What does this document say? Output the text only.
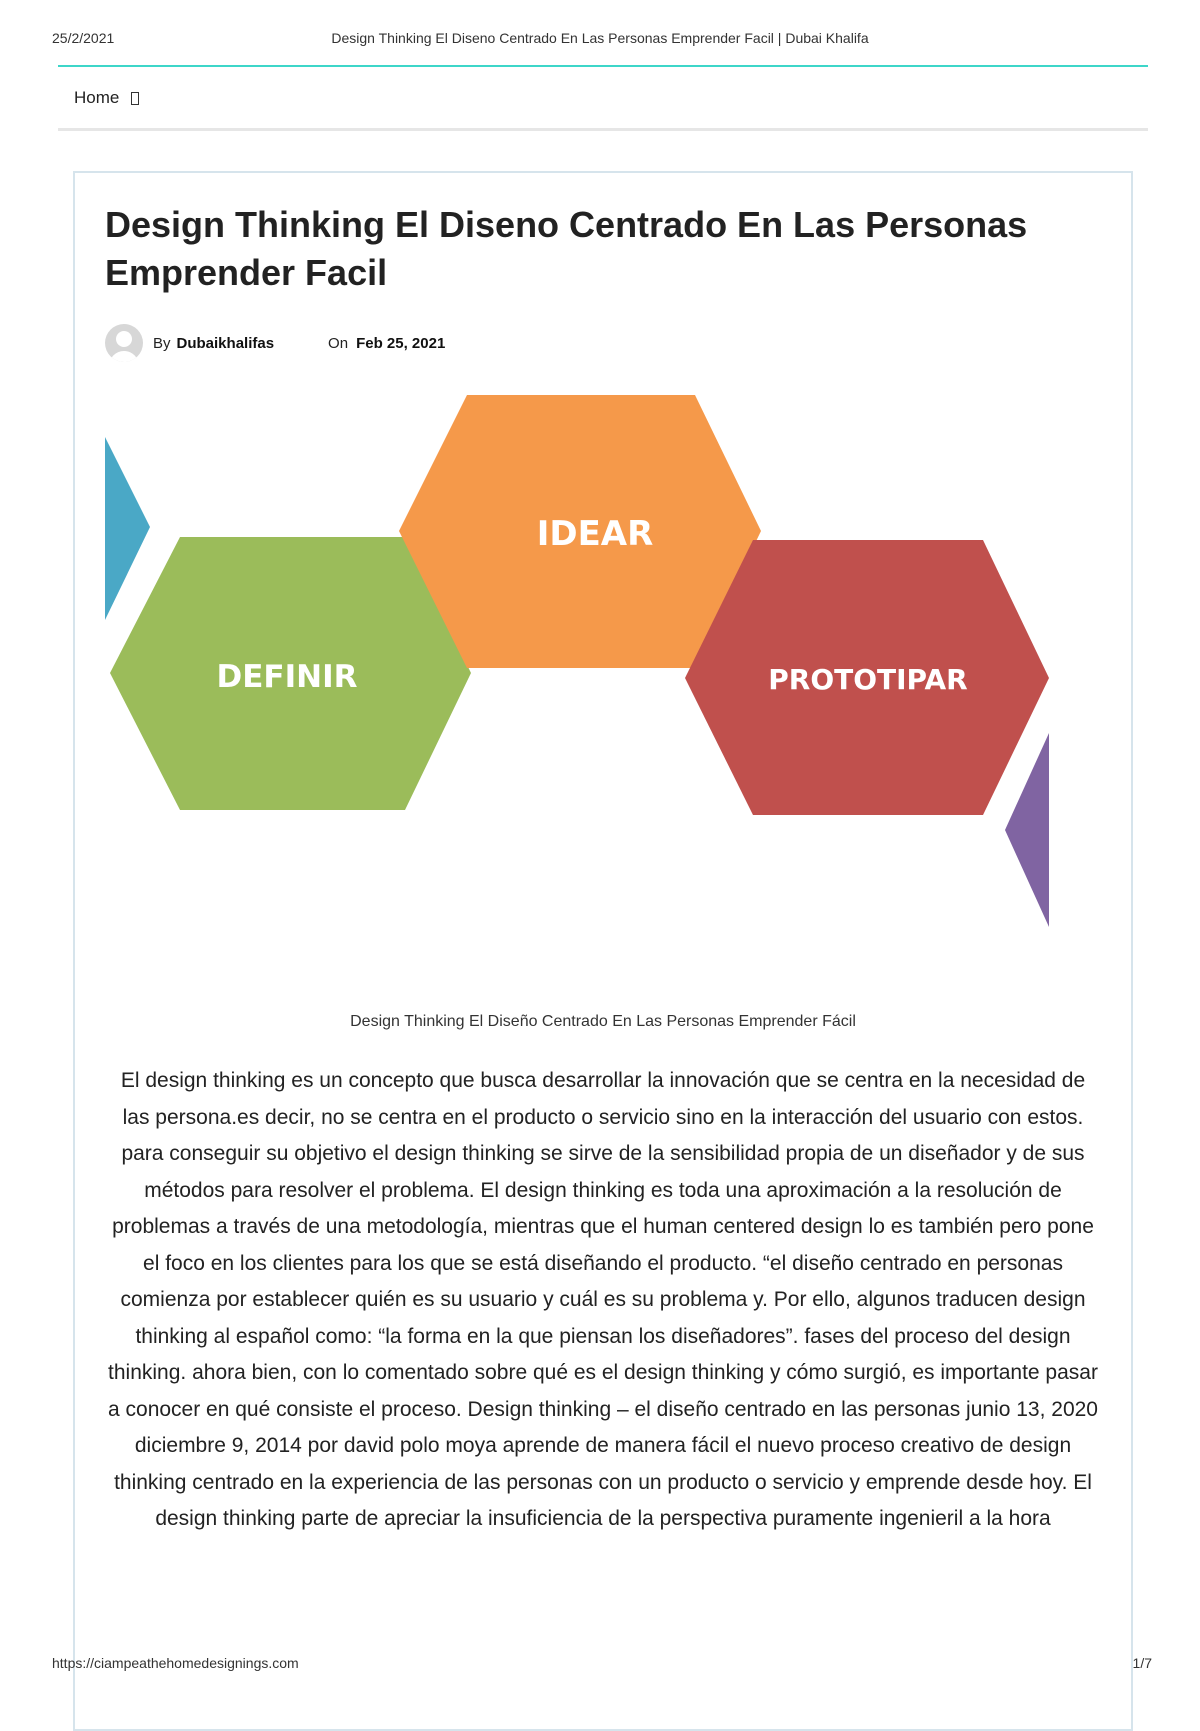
25/2/2021	Design Thinking El Diseno Centrado En Las Personas Emprender Facil | Dubai Khalifa
Home
Design Thinking El Diseno Centrado En Las Personas Emprender Facil
By Dubaikhalifas	On Feb 25, 2021
IDEAR
DEFINIR	PROTOTIPAR
Design Thinking El Diseño Centrado En Las Personas Emprender Fácil

El design thinking es un concepto que busca desarrollar la innovación que se centra en la necesidad de las persona.es decir, no se centra en el producto o servicio sino en la interacción del usuario con estos. para conseguir su objetivo el design thinking se sirve de la sensibilidad propia de un diseñador y de sus métodos para resolver el problema. El design thinking es toda una aproximación a la resolución de problemas a través de una metodología, mientras que el human centered design lo es también pero pone el foco en los clientes para los que se está diseñando el producto. “el diseño centrado en personas comienza por establecer quién es su usuario y cuál es su problema y. Por ello, algunos traducen design thinking al español como: “la forma en la que piensan los diseñadores”. fases del proceso del design thinking. ahora bien, con lo comentado sobre qué es el design thinking y cómo surgió, es importante pasar a conocer en qué consiste el proceso. Design thinking – el diseño centrado en las personas junio 13, 2020 diciembre 9, 2014 por david polo moya aprende de manera fácil el nuevo proceso creativo de design thinking centrado en la experiencia de las personas con un producto o servicio y emprende desde hoy. El design thinking parte de apreciar la insuficiencia de la perspectiva puramente ingenieril a la hora

https://ciampeathehomedesignings.com	1/7
